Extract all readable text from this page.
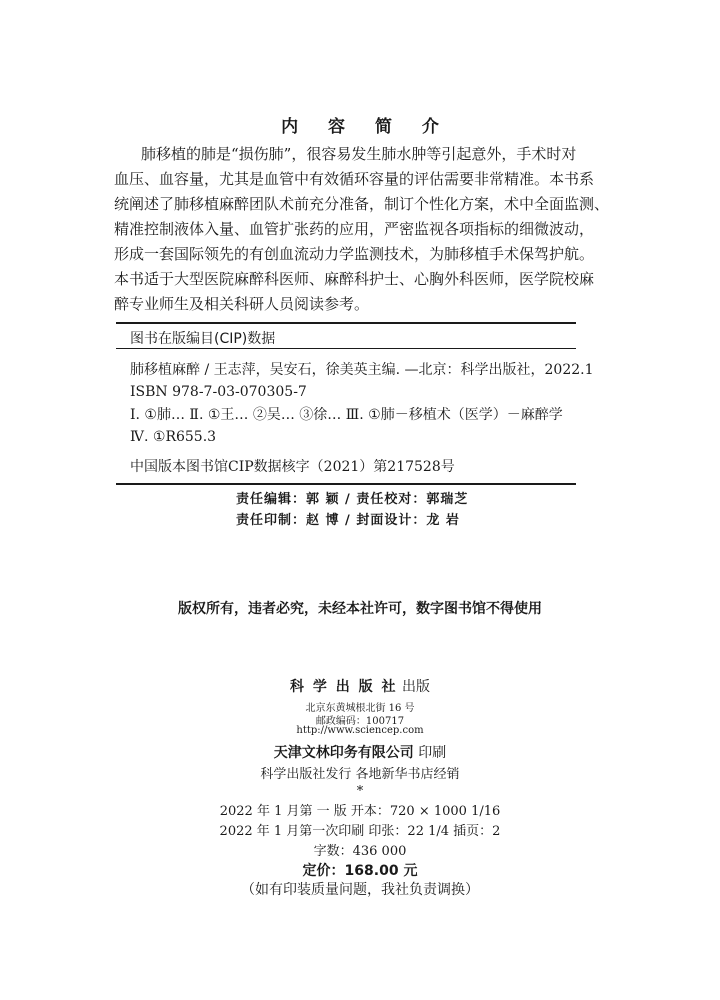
内 容 简 介
肺移植的肺是“损伤肺”，很容易发生肺水肿等引起意外，手术时对
血压、血容量，尤其是血管中有效循环容量的评估需要非常精准。本书系
统阐述了肺移植麻醉团队术前充分准备，制订个性化方案，术中全面监测、
精准控制液体入量、血管扩张药的应用，严密监视各项指标的细微波动，
形成一套国际领先的有创血流动力学监测技术，为肺移植手术保驾护航。
本书适于大型医院麻醉科医师、麻醉科护士、心胸外科医师，医学院校麻
醉专业师生及相关科研人员阅读参考。
图书在版编目(CIP)数据
肺移植麻醉 / 王志萍，吴安石，徐美英主编. —北京：科学出版社，2022.1
ISBN 978-7-03-070305-7
Ⅰ. ①肺… Ⅱ. ①王… ②吴… ③徐… Ⅲ. ①肺－移植术（医学）－麻醉学 Ⅳ. ①R655.3
中国版本图书馆CIP数据核字（2021）第217528号
责任编辑：郭 颖 / 责任校对：郭瑞芝
责任印制：赵 博 / 封面设计：龙 岩
版权所有，违者必究，未经本社许可，数字图书馆不得使用
科 学 出 版 社 出版
北京东黄城根北街 16 号
邮政编码：100717
http://www.sciencep.com
天津文林印务有限公司 印刷
科学出版社发行 各地新华书店经销
*
2022 年 1 月第 一 版 开本：720 × 1000 1/16
2022 年 1 月第一次印刷 印张：22 1/4 插页：2
字数：436 000
定价：168.00 元
（如有印装质量问题，我社负责调换）
